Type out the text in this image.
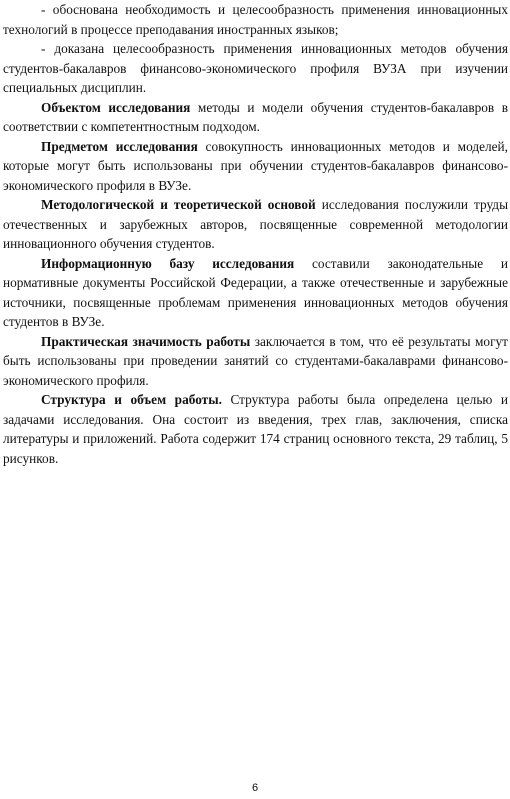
- обоснована необходимость и целесообразность применения инновационных технологий в процессе преподавания иностранных языков;

- доказана целесообразность применения инновационных методов обучения студентов-бакалавров финансово-экономического профиля ВУЗА при изучении специальных дисциплин.

Объектом исследования методы и модели обучения студентов-бакалавров в соответствии с компетентностным подходом.

Предметом исследования совокупность инновационных методов и моделей, которые могут быть использованы при обучении студентов-бакалавров финансово-экономического профиля в ВУЗе.

Методологической и теоретической основой исследования послужили труды отечественных и зарубежных авторов, посвященные современной методологии инновационного обучения студентов.

Информационную базу исследования составили законодательные и нормативные документы Российской Федерации, а также отечественные и зарубежные источники, посвященные проблемам применения инновационных методов обучения студентов в ВУЗе.

Практическая значимость работы заключается в том, что её результаты могут быть использованы при проведении занятий со студентами-бакалаврами финансово-экономического профиля.

Структура и объем работы. Структура работы была определена целью и задачами исследования. Она состоит из введения, трех глав, заключения, списка литературы и приложений. Работа содержит 174 страниц основного текста, 29 таблиц, 5 рисунков.

6
